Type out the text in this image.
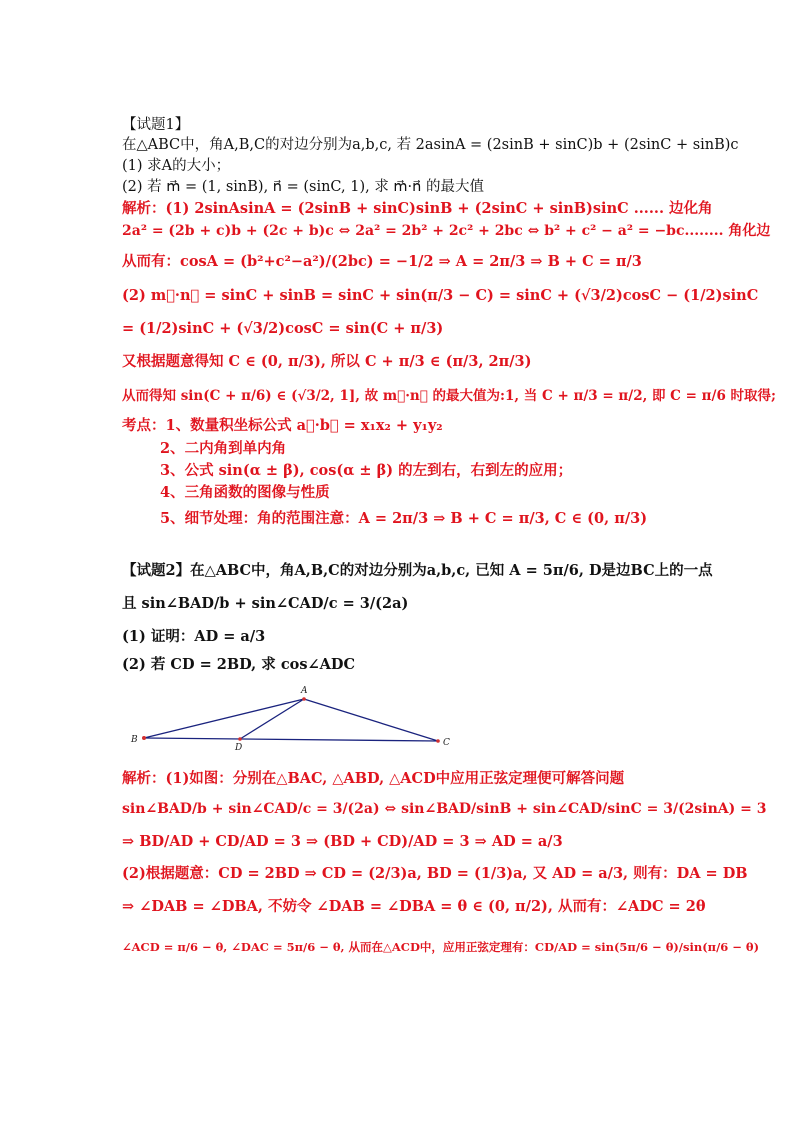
【试题1】
在△ABC中，角A,B,C的对边分别为a,b,c, 若 2asinA = (2sinB + sinC)b + (2sinC + sinB)c
(1) 求A的大小；
(2) 若 m⃗ = (1, sinB), n⃗ = (sinC, 1), 求 m⃗·n⃗ 的最大值
解析：(1) 2sinAsinA = (2sinB + sinC)sinB + (2sinC + sinB)sinC ...... 边化角
2a² = (2b + c)b + (2c + b)c ⇔ 2a² = 2b² + 2c² + 2bc ⇔ b² + c² − a² = −bc........ 角化边
从而有：cosA = (b²+c²−a²)/(2bc) = −1/2 ⇒ A = 2π/3 ⇒ B + C = π/3
(2) m⃗·n⃗ = sinC + sinB = sinC + sin(π/3 − C) = sinC + (√3/2)cosC − (1/2)sinC
= (1/2)sinC + (√3/2)cosC = sin(C + π/3)
又根据题意得知 C ∈ (0, π/3), 所以 C + π/3 ∈ (π/3, 2π/3)
从而得知 sin(C + π/6) ∈ (√3/2, 1], 故 m⃗·n⃗ 的最大值为:1, 当 C + π/3 = π/2, 即 C = π/6 时取得;
考点：1、数量积坐标公式 a⃗·b⃗ = x₁x₂ + y₁y₂
2、二内角到单内角
3、公式 sin(α ± β), cos(α ± β) 的左到右，右到左的应用；
4、三角函数的图像与性质
5、细节处理：角的范围注意：A = 2π/3 ⇒ B + C = π/3, C ∈ (0, π/3)
【试题2】在△ABC中，角A,B,C的对边分别为a,b,c, 已知 A = 5π/6, D是边BC上的一点
且 sin∠BAD/b + sin∠CAD/c = 3/(2a)
(1) 证明：AD = a/3
(2) 若 CD = 2BD, 求 cos∠ADC
A
B
D	C
解析：(1)如图：分别在△BAC, △ABD, △ACD中应用正弦定理便可解答问题
sin∠BAD/b + sin∠CAD/c = 3/(2a) ⇔ sin∠BAD/sinB + sin∠CAD/sinC = 3/(2sinA) = 3
⇒ BD/AD + CD/AD = 3 ⇒ (BD + CD)/AD = 3 ⇒ AD = a/3
(2)根据题意：CD = 2BD ⇒ CD = (2/3)a, BD = (1/3)a, 又 AD = a/3, 则有：DA = DB
⇒ ∠DAB = ∠DBA, 不妨令 ∠DAB = ∠DBA = θ ∈ (0, π/2), 从而有：∠ADC = 2θ
∠ACD = π/6 − θ, ∠DAC = 5π/6 − θ, 从而在△ACD中，应用正弦定理有：CD/AD = sin(5π/6 − θ)/sin(π/6 − θ)
